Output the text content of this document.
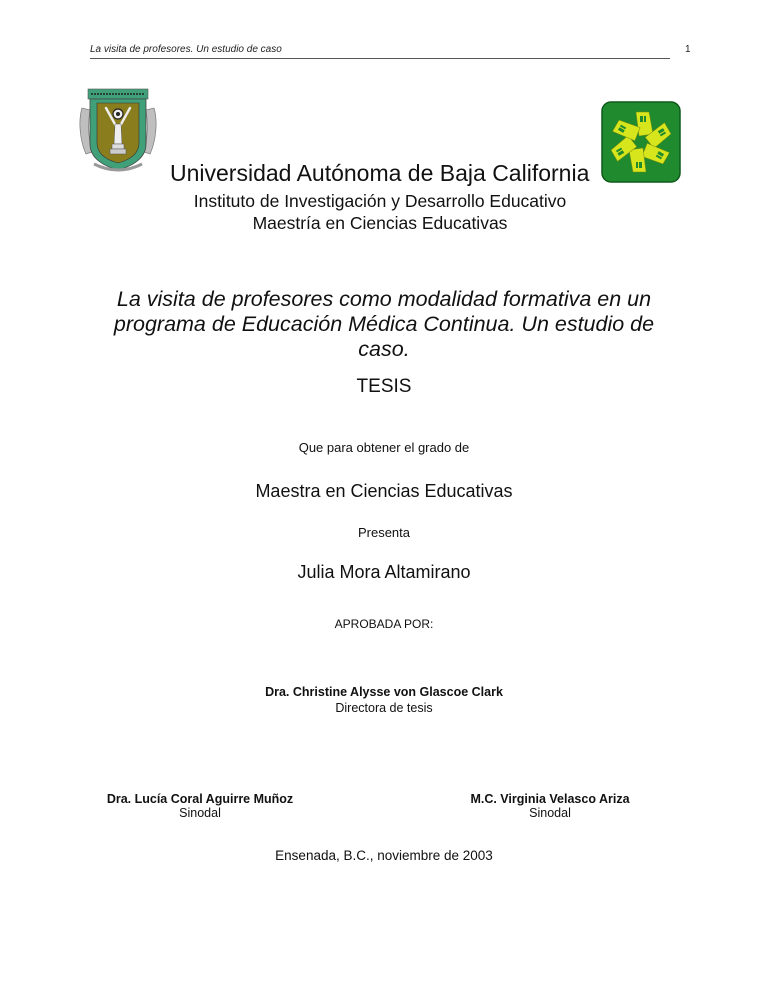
La visita de profesores. Un estudio de caso	1
Universidad Autónoma de Baja California
Instituto de Investigación y Desarrollo Educativo
Maestría en Ciencias Educativas
La visita de profesores como modalidad formativa en un
programa de Educación Médica Continua. Un estudio de
caso.
TESIS
Que para obtener el grado de
Maestra en Ciencias Educativas
Presenta
Julia Mora Altamirano
APROBADA POR:
Dra. Christine Alysse von Glascoe Clark
Directora de tesis
Dra. Lucía Coral Aguirre Muñoz
Sinodal
M.C. Virginia Velasco Ariza
Sinodal
Ensenada, B.C., noviembre de 2003
